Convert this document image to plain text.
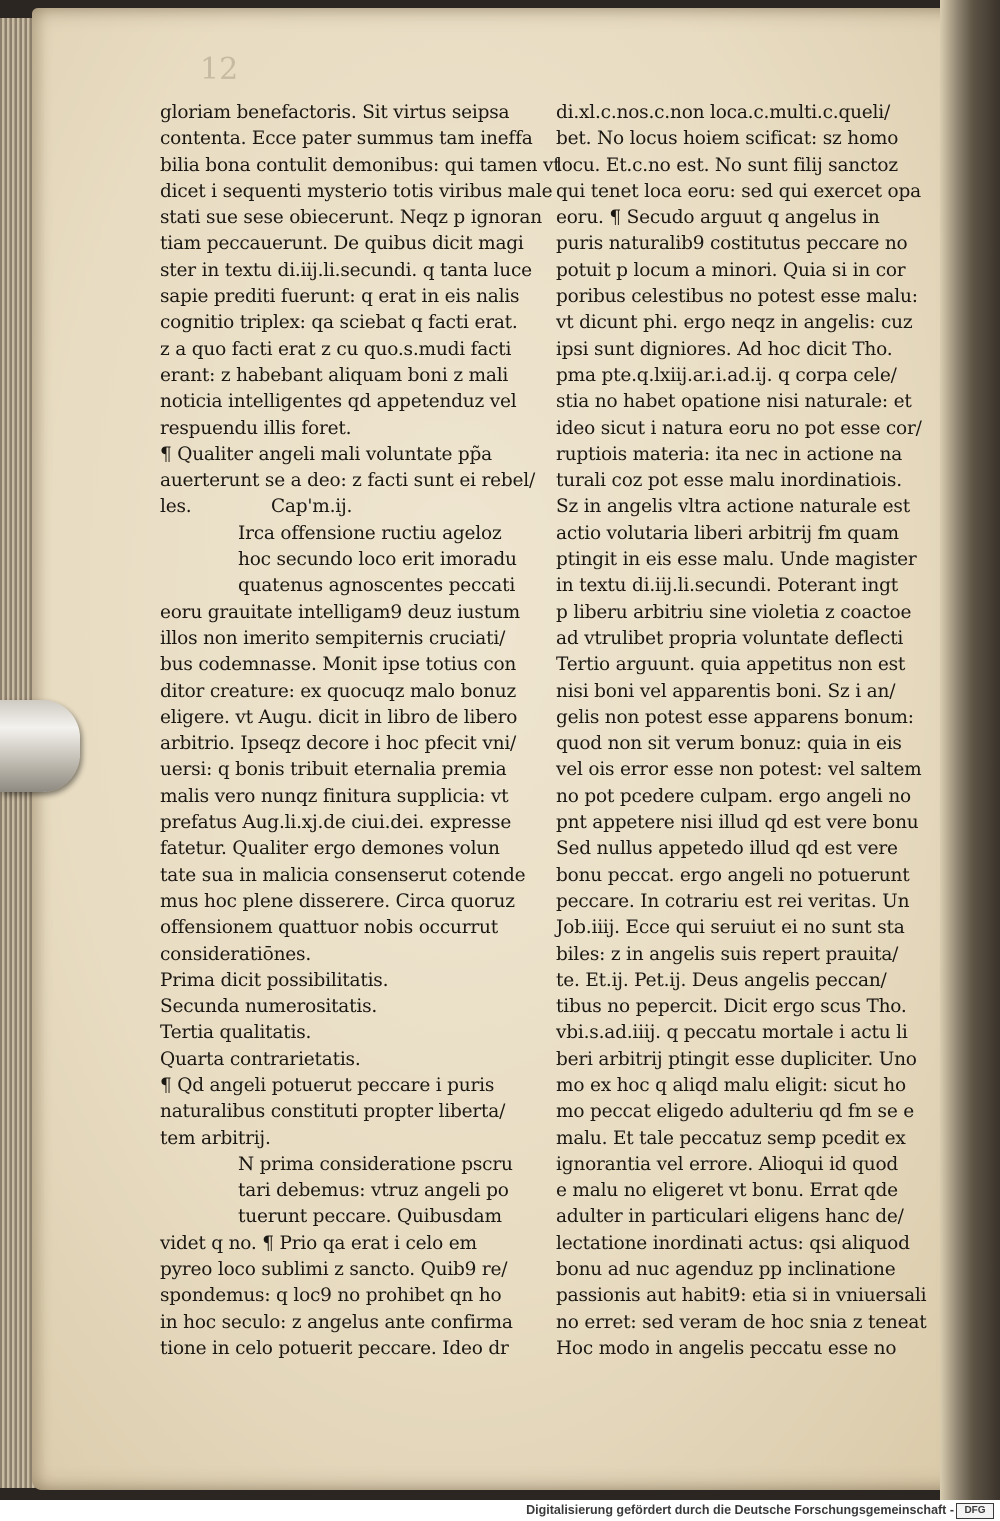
12
gloriam benefactoris. Sit virtus seipsa
contenta. Ecce pater summus tam ineffa
bilia bona contulit demonibus: qui tamen vt
dicet i sequenti mysterio totis viribus male
stati sue sese obiecerunt. Neqz p ignoran
tiam peccauerunt. De quibus dicit magi
ster in textu di.iij.li.secundi. q tanta luce
sapie prediti fuerunt: q erat in eis nalis
cognitio triplex: qa sciebat q facti erat.
z a quo facti erat z cu quo.s.mudi facti
erant: z habebant aliquam boni z mali
noticia intelligentes qd appetenduz vel
respuendu illis foret.
¶ Qualiter angeli mali voluntate pp̃a
auerterunt se a deo: z facti sunt ei rebel/
les.              Cap'm.ij.
Irca offensione ructiu ageloz
hoc secundo loco erit imoradu
quatenus agnoscentes peccati
eoru grauitate intelligam9 deuz iustum
illos non imerito sempiternis cruciati/
bus codemnasse. Monit ipse totius con
ditor creature: ex quocuqz malo bonuz
eligere. vt Augu. dicit in libro de libero
arbitrio. Ipseqz decore i hoc pfecit vni/
uersi: q bonis tribuit eternalia premia
malis vero nunqz finitura supplicia: vt
prefatus Aug.li.xj.de ciui.dei. expresse
fatetur. Qualiter ergo demones volun
tate sua in malicia consenserut cotende
mus hoc plene disserere. Circa quoruz
offensionem quattuor nobis occurrut
consideratiōnes.
Prima dicit possibilitatis.
Secunda numerositatis.
Tertia qualitatis.
Quarta contrarietatis.
¶ Qd angeli potuerut peccare i puris
naturalibus constituti propter liberta/
tem arbitrij.
N prima consideratione pscru
tari debemus: vtruz angeli po
tuerunt peccare. Quibusdam
videt q no. ¶ Prio qa erat i celo em
pyreo loco sublimi z sancto. Quib9 re/
spondemus: q loc9 no prohibet qn ho
in hoc seculo: z angelus ante confirma
tione in celo potuerit peccare. Ideo dr
di.xl.c.nos.c.non loca.c.multi.c.queli/
bet. No locus hoiem scificat: sz homo
locu. Et.c.no est. No sunt filij sanctoz
qui tenet loca eoru: sed qui exercet opa
eoru. ¶ Secudo arguut q angelus in
puris naturalib9 costitutus peccare no
potuit p locum a minori. Quia si in cor
poribus celestibus no potest esse malu:
vt dicunt phi. ergo neqz in angelis: cuz
ipsi sunt digniores. Ad hoc dicit Tho.
pma pte.q.lxiij.ar.i.ad.ij. q corpa cele/
stia no habet opatione nisi naturale: et
ideo sicut i natura eoru no pot esse cor/
ruptiois materia: ita nec in actione na
turali coz pot esse malu inordinatiois.
Sz in angelis vltra actione naturale est
actio volutaria liberi arbitrij fm quam
ptingit in eis esse malu. Unde magister
in textu di.iij.li.secundi. Poterant ingt
p liberu arbitriu sine violetia z coactoe
ad vtrulibet propria voluntate deflecti
Tertio arguunt. quia appetitus non est
nisi boni vel apparentis boni. Sz i an/
gelis non potest esse apparens bonum:
quod non sit verum bonuz: quia in eis
vel ois error esse non potest: vel saltem
no pot pcedere culpam. ergo angeli no
pnt appetere nisi illud qd est vere bonu
Sed nullus appetedo illud qd est vere
bonu peccat. ergo angeli no potuerunt
peccare. In cotrariu est rei veritas. Un
Job.iiij. Ecce qui seruiut ei no sunt sta
biles: z in angelis suis repert prauita/
te. Et.ij. Pet.ij. Deus angelis peccan/
tibus no pepercit. Dicit ergo scus Tho.
vbi.s.ad.iiij. q peccatu mortale i actu li
beri arbitrij ptingit esse dupliciter. Uno
mo ex hoc q aliqd malu eligit: sicut ho
mo peccat eligedo adulteriu qd fm se e
malu. Et tale peccatuz semp pcedit ex
ignorantia vel errore. Alioqui id quod
e malu no eligeret vt bonu. Errat qde
adulter in particulari eligens hanc de/
lectatione inordinati actus: qsi aliquod
bonu ad nuc agenduz pp inclinatione
passionis aut habit9: etia si in vniuersali
no erret: sed veram de hoc snia z teneat
Hoc modo in angelis peccatu esse no
Digitalisierung gefördert durch die Deutsche Forschungsgemeinschaft -	DFG
